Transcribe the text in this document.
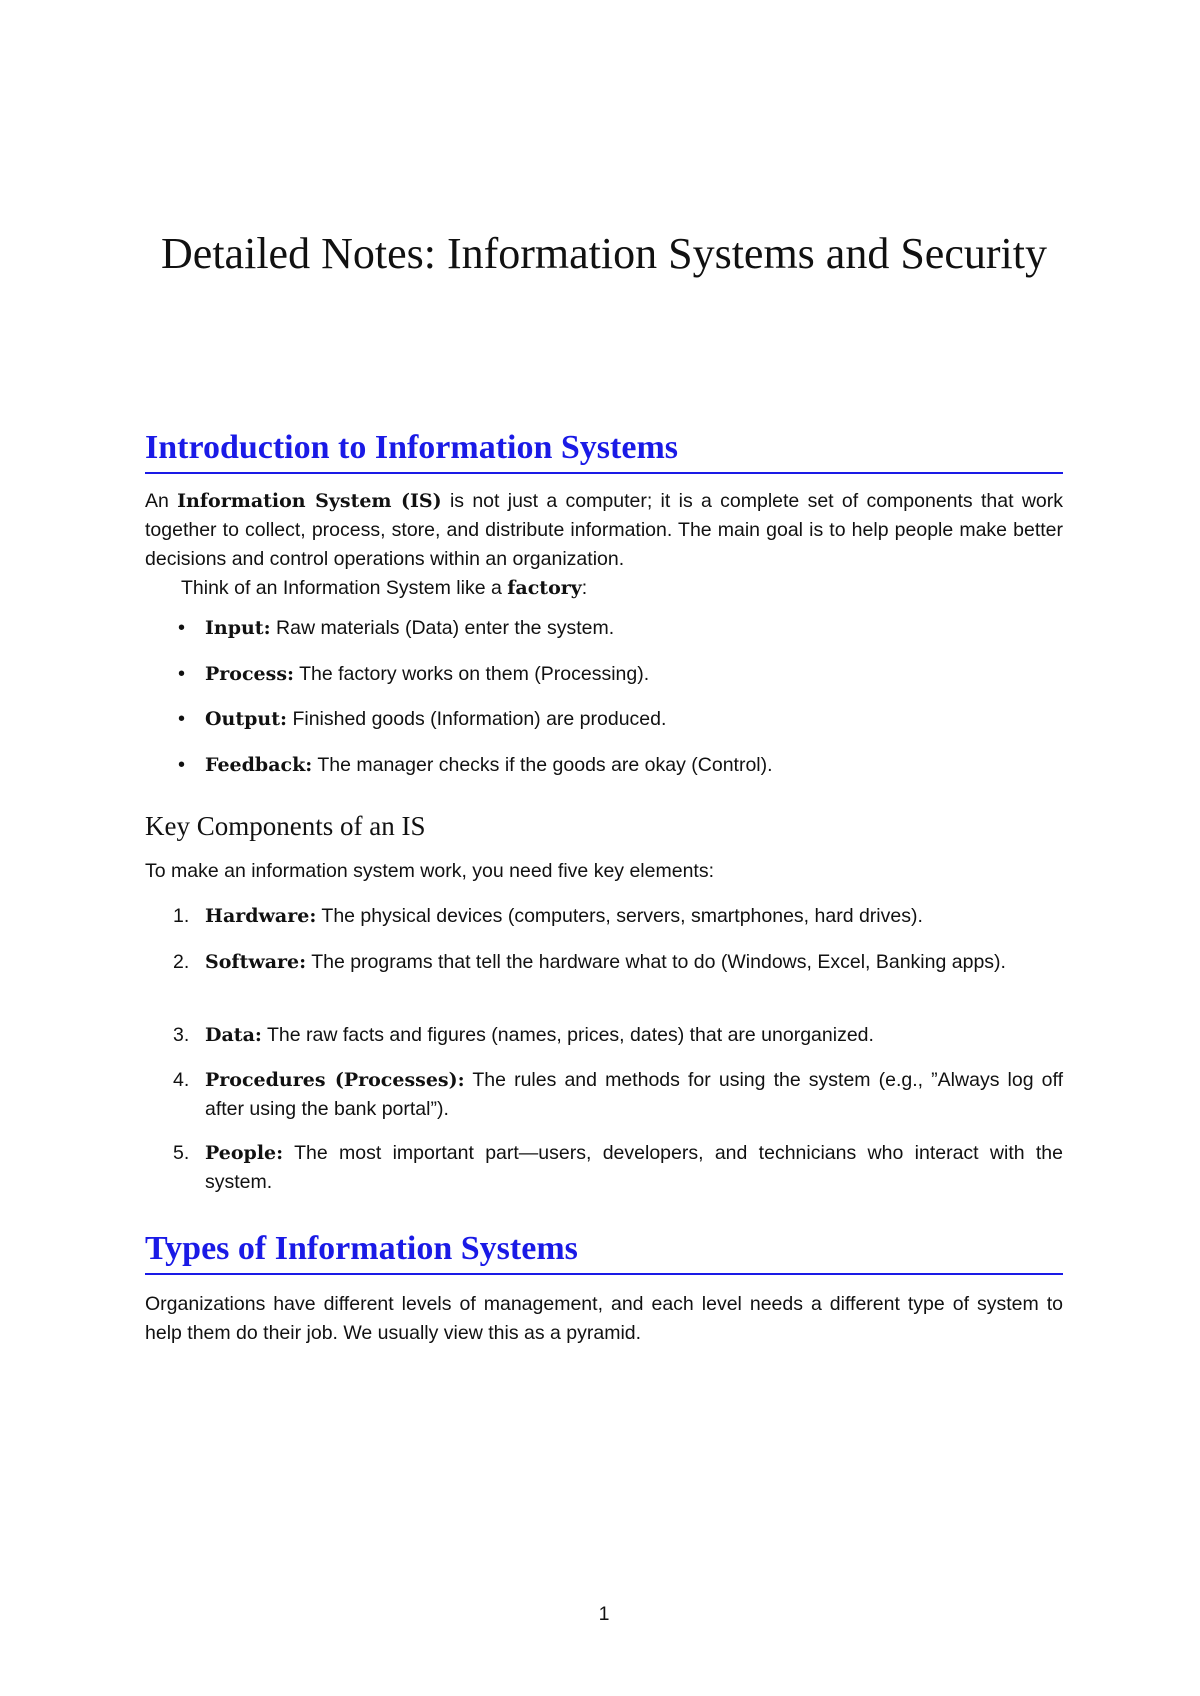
Detailed Notes: Information Systems and Security
Introduction to Information Systems

An Information System (IS) is not just a computer; it is a complete set of components that work together to collect, process, store, and distribute information. The main goal is to help people make better decisions and control operations within an organization.

Think of an Information System like a factory:

• Input: Raw materials (Data) enter the system.
• Process: The factory works on them (Processing).
• Output: Finished goods (Information) are produced.
• Feedback: The manager checks if the goods are okay (Control).
Key Components of an IS

To make an information system work, you need five key elements:

1. Hardware: The physical devices (computers, servers, smartphones, hard drives).
2. Software: The programs that tell the hardware what to do (Windows, Excel, Banking apps).
3. Data: The raw facts and figures (names, prices, dates) that are unorganized.
4. Procedures (Processes): The rules and methods for using the system (e.g., ”Always log off after using the bank portal”).
5. People: The most important part—users, developers, and technicians who interact with the system.
Types of Information Systems

Organizations have different levels of management, and each level needs a different type of system to help them do their job. We usually view this as a pyramid.

1
